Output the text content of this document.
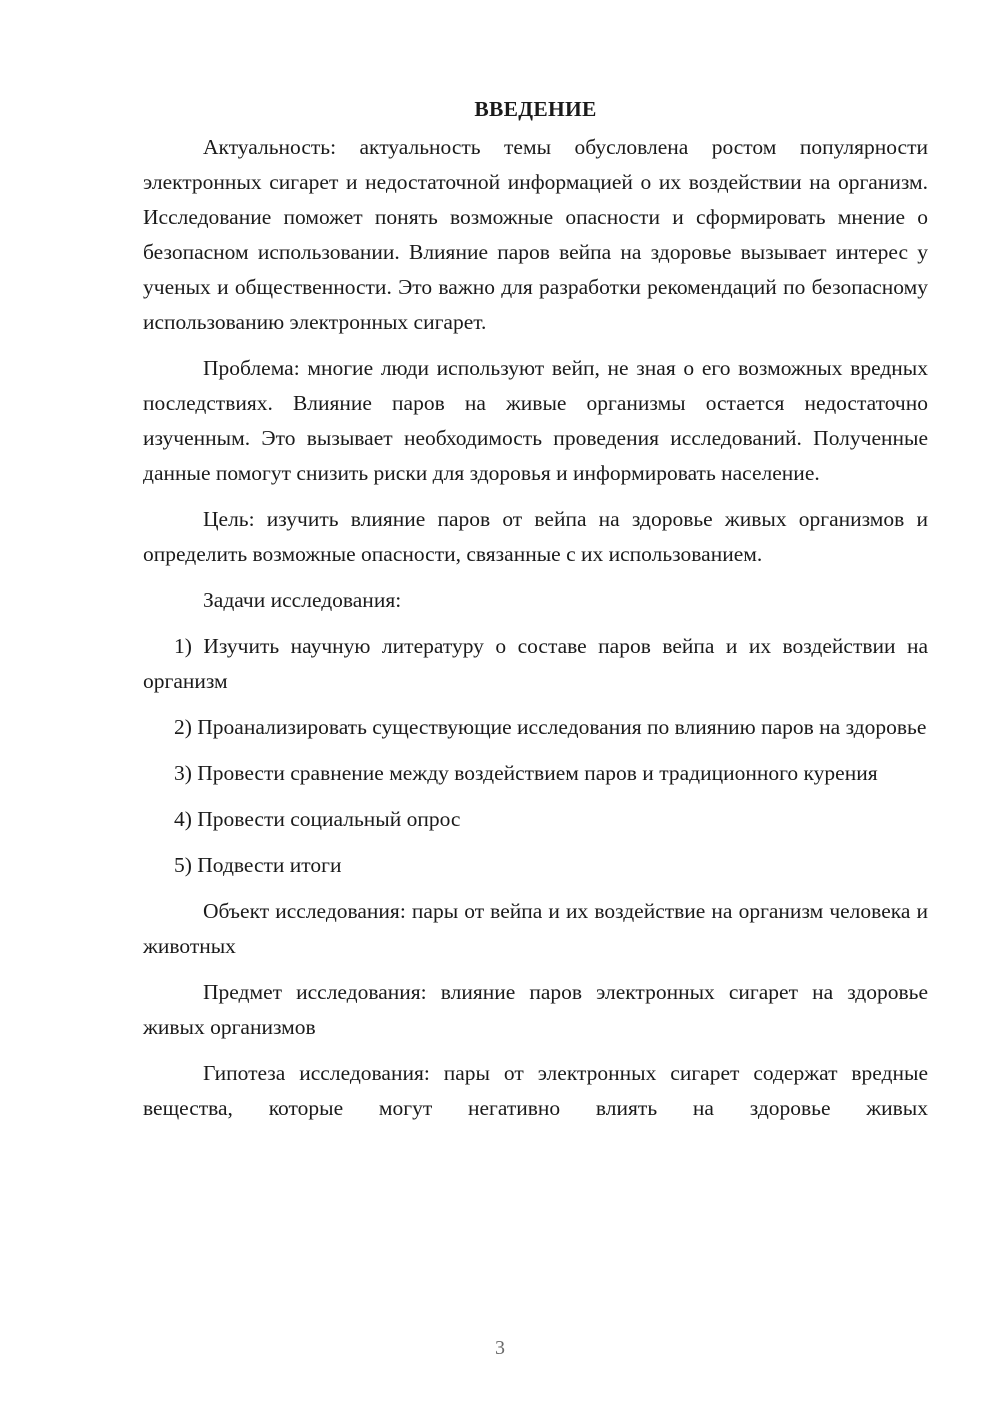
ВВЕДЕНИЕ

Актуальность: актуальность темы обусловлена ростом популярности электронных сигарет и недостаточной информацией о их воздействии на организм. Исследование поможет понять возможные опасности и сформировать мнение о безопасном использовании. Влияние паров вейпа на здоровье вызывает интерес у ученых и общественности. Это важно для разработки рекомендаций по безопасному использованию электронных сигарет.

Проблема: многие люди используют вейп, не зная о его возможных вредных последствиях. Влияние паров на живые организмы остается недостаточно изученным. Это вызывает необходимость проведения исследований. Полученные данные помогут снизить риски для здоровья и информировать население.

Цель: изучить влияние паров от вейпа на здоровье живых организмов и определить возможные опасности, связанные с их использованием.

Задачи исследования:

1) Изучить научную литературу о составе паров вейпа и их воздействии на организм

2) Проанализировать существующие исследования по влиянию паров на здоровье

3) Провести сравнение между воздействием паров и традиционного курения

4) Провести социальный опрос

5) Подвести итоги

Объект исследования: пары от вейпа и их воздействие на организм человека и животных

Предмет исследования: влияние паров электронных сигарет на здоровье живых организмов

Гипотеза исследования: пары от электронных сигарет содержат вредные вещества, которые могут негативно влиять на здоровье живых

3
